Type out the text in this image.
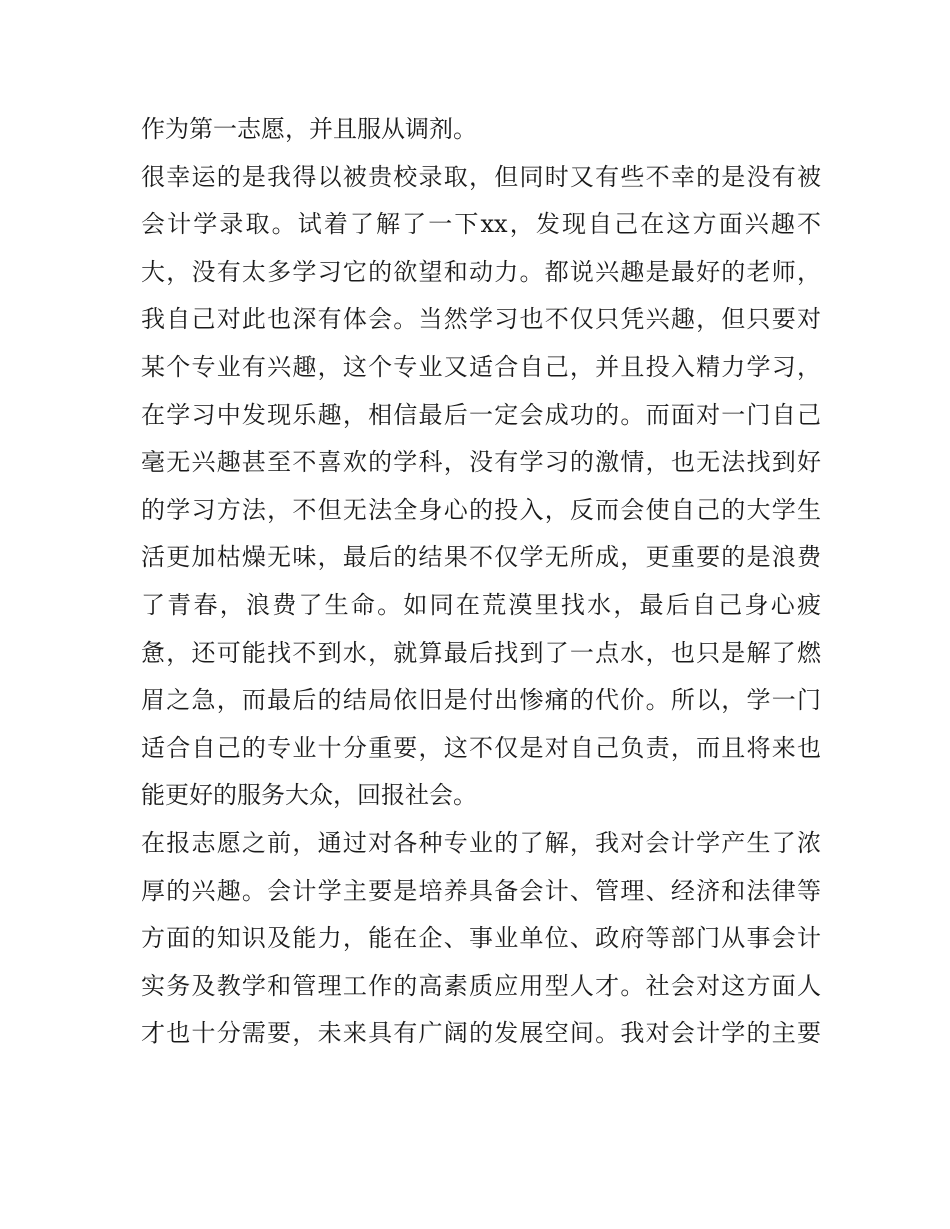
作为第一志愿，并且服从调剂。
很幸运的是我得以被贵校录取，但同时又有些不幸的是没有被
会计学录取。试着了解了一下xx，发现自己在这方面兴趣不
大，没有太多学习它的欲望和动力。都说兴趣是最好的老师，
我自己对此也深有体会。当然学习也不仅只凭兴趣，但只要对
某个专业有兴趣，这个专业又适合自己，并且投入精力学习，
在学习中发现乐趣，相信最后一定会成功的。而面对一门自己
毫无兴趣甚至不喜欢的学科，没有学习的激情，也无法找到好
的学习方法，不但无法全身心的投入，反而会使自己的大学生
活更加枯燥无味，最后的结果不仅学无所成，更重要的是浪费
了青春，浪费了生命。如同在荒漠里找水，最后自己身心疲
惫，还可能找不到水，就算最后找到了一点水，也只是解了燃
眉之急，而最后的结局依旧是付出惨痛的代价。所以，学一门
适合自己的专业十分重要，这不仅是对自己负责，而且将来也
能更好的服务大众，回报社会。
在报志愿之前，通过对各种专业的了解，我对会计学产生了浓
厚的兴趣。会计学主要是培养具备会计、管理、经济和法律等
方面的知识及能力，能在企、事业单位、政府等部门从事会计
实务及教学和管理工作的高素质应用型人才。社会对这方面人
才也十分需要，未来具有广阔的发展空间。我对会计学的主要
